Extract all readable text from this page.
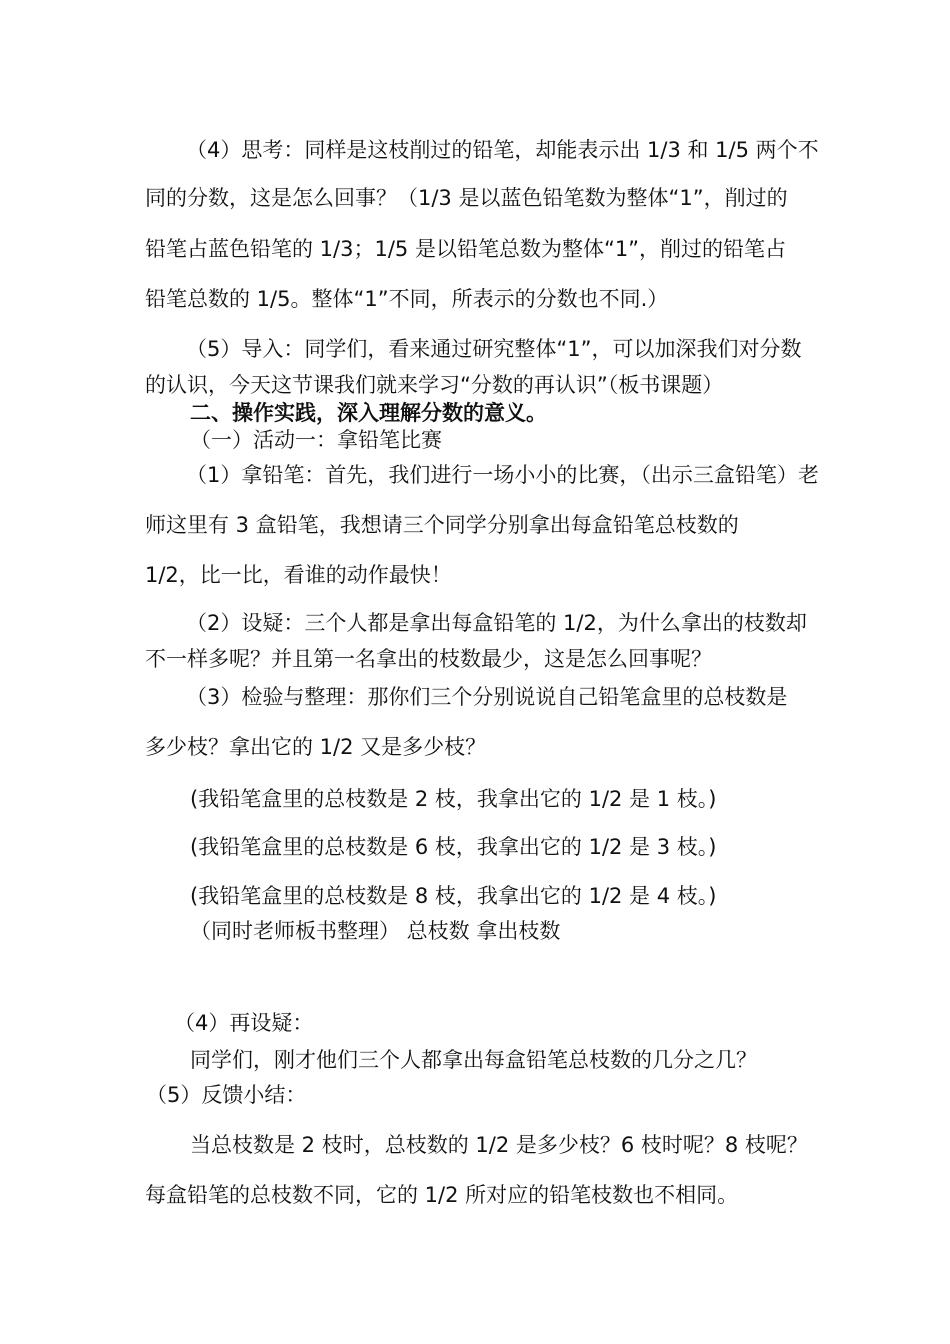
（4）思考：同样是这枝削过的铅笔，却能表示出 1/3 和 1/5 两个不
同的分数，这是怎么回事？（1/3 是以蓝色铅笔数为整体“1”，削过的
铅笔占蓝色铅笔的 1/3；1/5 是以铅笔总数为整体“1”，削过的铅笔占
铅笔总数的 1/5。整体“1”不同，所表示的分数也不同.）
（5）导入：同学们，看来通过研究整体“1”，可以加深我们对分数
的认识，今天这节课我们就来学习“分数的再认识”（板书课题）
二、操作实践，深入理解分数的意义。
（一）活动一：拿铅笔比赛
（1）拿铅笔：首先，我们进行一场小小的比赛，（出示三盒铅笔）老
师这里有 3 盒铅笔，我想请三个同学分别拿出每盒铅笔总枝数的
1/2，比一比，看谁的动作最快！
（2）设疑：三个人都是拿出每盒铅笔的 1/2，为什么拿出的枝数却
不一样多呢？并且第一名拿出的枝数最少，这是怎么回事呢？
（3）检验与整理：那你们三个分别说说自己铅笔盒里的总枝数是
多少枝？拿出它的 1/2 又是多少枝？
(我铅笔盒里的总枝数是 2 枝，我拿出它的 1/2 是 1 枝。)
(我铅笔盒里的总枝数是 6 枝，我拿出它的 1/2 是 3 枝。)
(我铅笔盒里的总枝数是 8 枝，我拿出它的 1/2 是 4 枝。)
（同时老师板书整理） 总枝数 拿出枝数
（4）再设疑：
同学们，刚才他们三个人都拿出每盒铅笔总枝数的几分之几？
（5）反馈小结：
当总枝数是 2 枝时，总枝数的 1/2 是多少枝？6 枝时呢？8 枝呢？
每盒铅笔的总枝数不同，它的 1/2 所对应的铅笔枝数也不相同。
